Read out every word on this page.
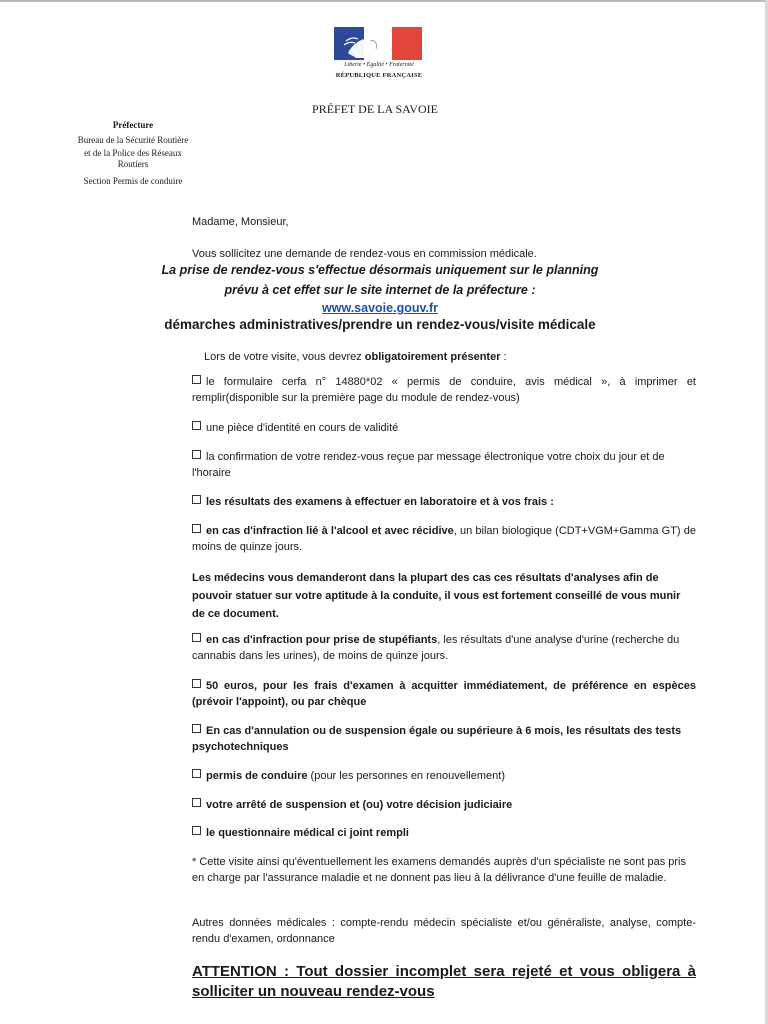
Liberté • Égalité • Fraternité
RÉPUBLIQUE FRANÇAISE
PRÉFET DE LA SAVOIE
Préfecture
Bureau de la Sécurité Routière
et de la Police des Réseaux Routiers
Section Permis de conduire
Madame, Monsieur,
Vous sollicitez une demande de rendez-vous en commission médicale.
La prise de rendez-vous s'effectue désormais uniquement sur le planning
prévu à cet effet sur le site internet de la préfecture :
www.savoie.gouv.fr
démarches administratives/prendre un rendez-vous/visite médicale
Lors de votre visite, vous devrez obligatoirement présenter :
le formulaire cerfa n° 14880*02 « permis de conduire, avis médical », à imprimer et remplir(disponible sur la première page du module de rendez-vous)
une pièce d'identité en cours de validité
la confirmation de votre rendez-vous reçue par message électronique votre choix du jour et de l'horaire
les résultats des examens à effectuer en laboratoire et à vos frais :
en cas d'infraction lié à l'alcool et avec récidive, un bilan biologique (CDT+VGM+Gamma GT) de moins de quinze jours.
Les médecins vous demanderont dans la plupart des cas ces résultats d'analyses afin de pouvoir statuer sur votre aptitude à la conduite, il vous est fortement conseillé de vous munir de ce document.
en cas d'infraction pour prise de stupéfiants, les résultats d'une analyse d'urine (recherche du cannabis dans les urines), de moins de quinze jours.
50 euros, pour les frais d'examen à acquitter immédiatement, de préférence en espèces (prévoir l'appoint), ou par chèque
En cas d'annulation ou de suspension égale ou supérieure à 6 mois, les résultats des tests psychotechniques
permis de conduire (pour les personnes en renouvellement)
votre arrêté de suspension et (ou) votre décision judiciaire
le questionnaire médical ci joint rempli
* Cette visite ainsi qu'éventuellement les examens demandés auprès d'un spécialiste ne sont pas pris en charge par l'assurance maladie et ne donnent pas lieu à la délivrance d'une feuille de maladie.
Autres données médicales : compte-rendu médecin spécialiste et/ou généraliste, analyse, compte-rendu d'examen, ordonnance
ATTENTION : Tout dossier incomplet sera rejeté et vous obligera à solliciter un nouveau rendez-vous
